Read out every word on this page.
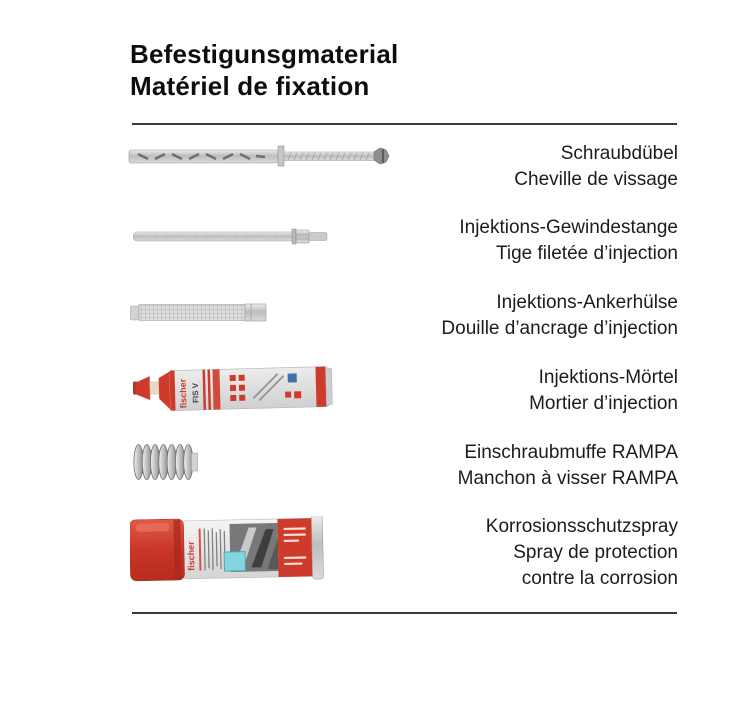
Befestigunsgmaterial
Matériel de fixation
Schraubdübel
Cheville de vissage
Injektions-Gewindestange
Tige filetée d’injection
Injektions-Ankerhülse
Douille d’ancrage d’injection
fischer FIS V
Injektions-Mörtel
Mortier d’injection
Einschraubmuffe RAMPA
Manchon à visser RAMPA
fischer
Korrosionsschutzspray
Spray de protection
contre la corrosion
